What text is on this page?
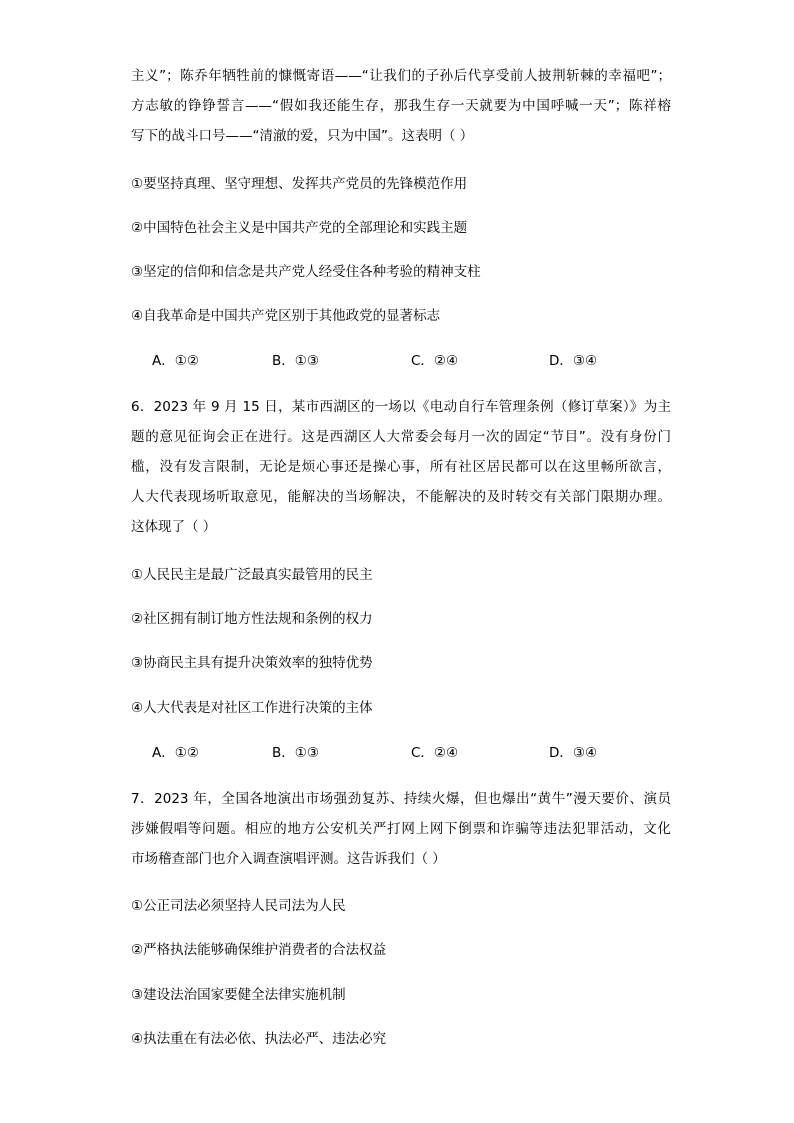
主义”；陈乔年牺牲前的慷慨寄语——“让我们的子孙后代享受前人披荆斩棘的幸福吧”；
方志敏的铮铮誓言——“假如我还能生存，那我生存一天就要为中国呼喊一天”；陈祥榕
写下的战斗口号——“清澈的爱，只为中国”。这表明（ ）
①要坚持真理、坚守理想、发挥共产党员的先锋模范作用
②中国特色社会主义是中国共产党的全部理论和实践主题
③坚定的信仰和信念是共产党人经受住各种考验的精神支柱
④自我革命是中国共产党区别于其他政党的显著标志
A．①②	B．①③	C．②④	D．③④
6．2023 年 9 月 15 日，某市西湖区的一场以《电动自行车管理条例（修订草案）》为主
题的意见征询会正在进行。这是西湖区人大常委会每月一次的固定“节目”。没有身份门
槛，没有发言限制，无论是烦心事还是操心事，所有社区居民都可以在这里畅所欲言，
人大代表现场听取意见，能解决的当场解决，不能解决的及时转交有关部门限期办理。
这体现了（ ）
①人民民主是最广泛最真实最管用的民主
②社区拥有制订地方性法规和条例的权力
③协商民主具有提升决策效率的独特优势
④人大代表是对社区工作进行决策的主体
A．①②	B．①③	C．②④	D．③④
7．2023 年，全国各地演出市场强劲复苏、持续火爆，但也爆出“黄牛”漫天要价、演员
涉嫌假唱等问题。相应的地方公安机关严打网上网下倒票和诈骗等违法犯罪活动，文化
市场稽查部门也介入调查演唱评测。这告诉我们（ ）
①公正司法必须坚持人民司法为人民
②严格执法能够确保维护消费者的合法权益
③建设法治国家要健全法律实施机制
④执法重在有法必依、执法必严、违法必究
